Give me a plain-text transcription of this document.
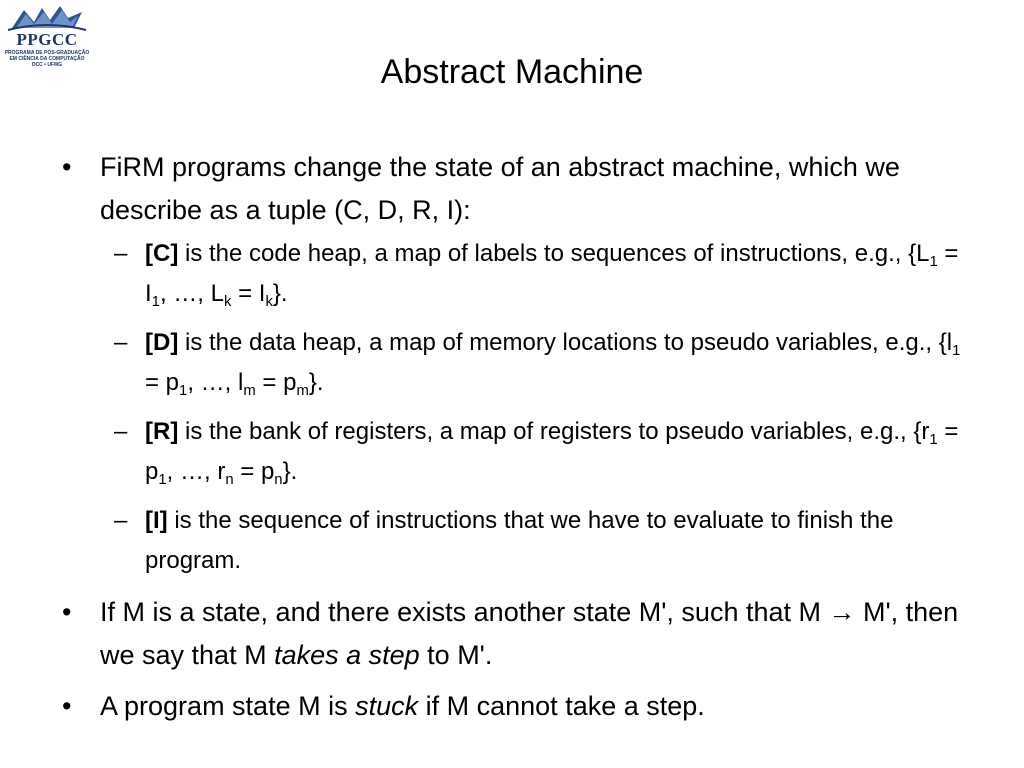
PPGCC
PROGRAMA DE PÓS-GRADUAÇÃO
EM CIÊNCIA DA COMPUTAÇÃO
DCC • UFMG	Abstract Machine
• FiRM programs change the state of an abstract machine, which we describe as a tuple (C, D, R, I):
– [C] is the code heap, a map of labels to sequences of instructions, e.g., {$L_1 = I_1$, …, $L_k = I_k$}.
– [D] is the data heap, a map of memory locations to pseudo variables, e.g., {$l_1 = p_1$, …, $l_m = p_m$}.
– [R] is the bank of registers, a map of registers to pseudo variables, e.g., {$r_1 = p_1$, …, $r_n = p_n$}.
– [I] is the sequence of instructions that we have to evaluate to finish the program.
• If M is a state, and there exists another state M', such that M → M', then we say that M takes a step to M'.
• A program state M is stuck if M cannot take a step.
